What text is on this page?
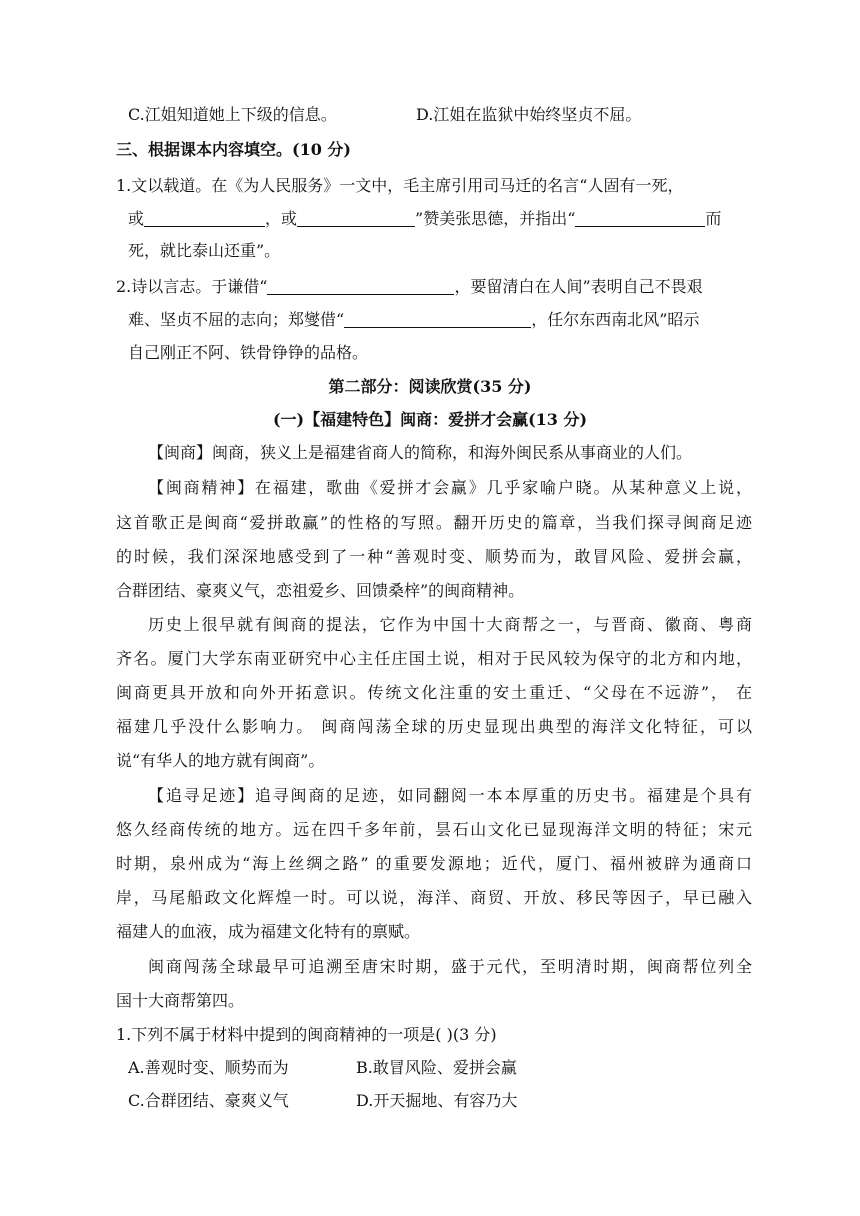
C.江姐知道她上下级的信息。	D.江姐在监狱中始终坚贞不屈。
三、根据课本内容填空。(10 分)
1.文以载道。在《为人民服务》一文中，毛主席引用司马迁的名言“人固有一死，
或	，或	”赞美张思德，并指出“	而
死，就比泰山还重”。
2.诗以言志。于谦借“	，要留清白在人间”表明自己不畏艰
难、坚贞不屈的志向；郑燮借“	，任尔东西南北风”昭示
自己刚正不阿、铁骨铮铮的品格。
第二部分：阅读欣赏(35 分)
(一)【福建特色】闽商：爱拼才会赢(13 分)
【闽商】闽商，狭义上是福建省商人的简称，和海外闽民系从事商业的人们。
【闽商精神】在福建，歌曲《爱拼才会赢》几乎家喻户晓。从某种意义上说，
这首歌正是闽商“爱拼敢赢”的性格的写照。翻开历史的篇章，当我们探寻闽商足迹
的时候，我们深深地感受到了一种“善观时变、顺势而为，敢冒风险、爱拼会赢，
合群团结、豪爽义气，恋祖爱乡、回馈桑梓”的闽商精神。
历史上很早就有闽商的提法，它作为中国十大商帮之一，与晋商、徽商、粤商
齐名。厦门大学东南亚研究中心主任庄国土说，相对于民风较为保守的北方和内地，
闽商更具开放和向外开拓意识。传统文化注重的安土重迁、“父母在不远游”， 在
福建几乎没什么影响力。 闽商闯荡全球的历史显现出典型的海洋文化特征，可以
说“有华人的地方就有闽商”。
【追寻足迹】追寻闽商的足迹，如同翻阅一本本厚重的历史书。福建是个具有
悠久经商传统的地方。远在四千多年前，昙石山文化已显现海洋文明的特征；宋元
时期，泉州成为“海上丝绸之路” 的重要发源地；近代，厦门、福州被辟为通商口
岸，马尾船政文化辉煌一时。可以说，海洋、商贸、开放、移民等因子，早已融入
福建人的血液，成为福建文化特有的禀赋。
闽商闯荡全球最早可追溯至唐宋时期，盛于元代，至明清时期，闽商帮位列全
国十大商帮第四。
1.下列不属于材料中提到的闽商精神的一项是( )(3 分)
A.善观时变、顺势而为	B.敢冒风险、爱拼会赢
C.合群团结、豪爽义气	D.开天掘地、有容乃大
